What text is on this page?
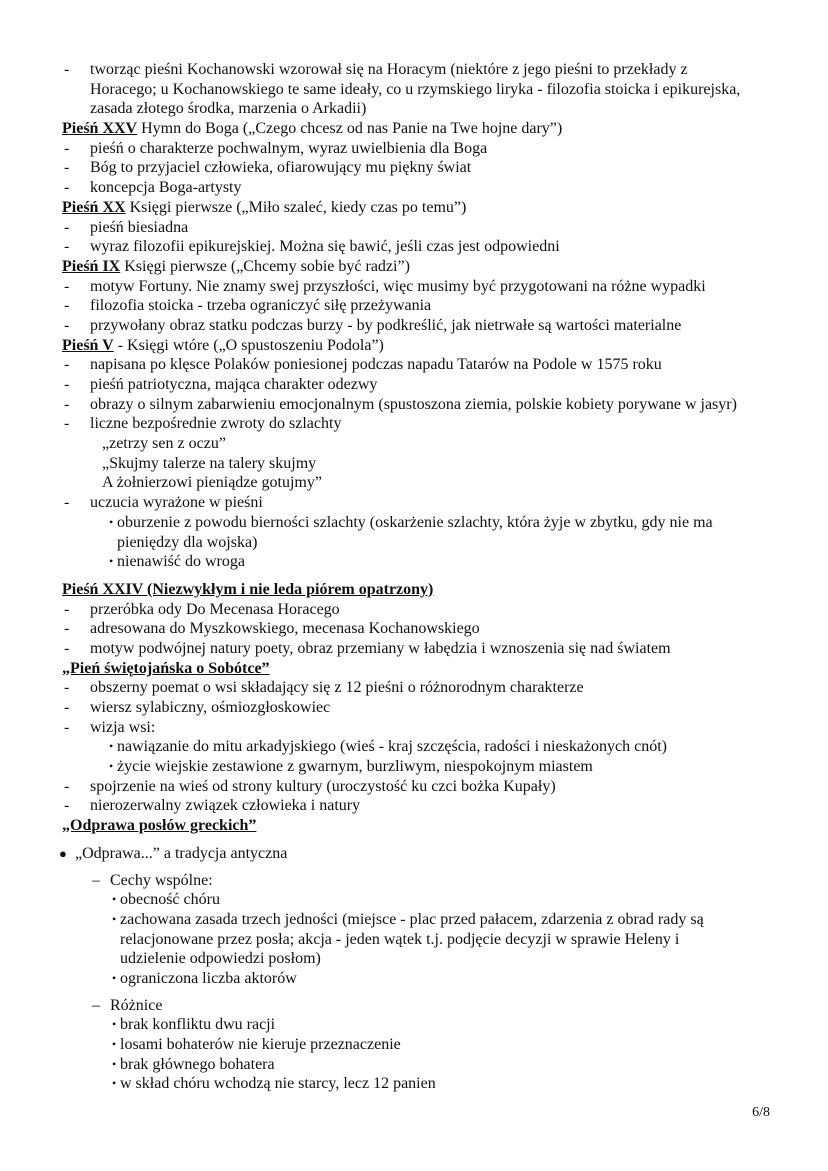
- tworząc pieśni Kochanowski wzorował się na Horacym (niektóre z jego pieśni to przekłady z
Horacego; u Kochanowskiego te same ideały, co u rzymskiego liryka - filozofia stoicka i epikurejska,
zasada złotego środka, marzenia o Arkadii)
Pieśń XXV Hymn do Boga („Czego chcesz od nas Panie na Twe hojne dary”)
- pieśń o charakterze pochwalnym, wyraz uwielbienia dla Boga
- Bóg to przyjaciel człowieka, ofiarowujący mu piękny świat
- koncepcja Boga-artysty
Pieśń XX Księgi pierwsze („Miło szaleć, kiedy czas po temu”)
- pieśń biesiadna
- wyraz filozofii epikurejskiej. Można się bawić, jeśli czas jest odpowiedni
Pieśń IX Księgi pierwsze („Chcemy sobie być radzi”)
- motyw Fortuny. Nie znamy swej przyszłości, więc musimy być przygotowani na różne wypadki
- filozofia stoicka - trzeba ograniczyć siłę przeżywania
- przywołany obraz statku podczas burzy - by podkreślić, jak nietrwałe są wartości materialne
Pieśń V - Księgi wtóre („O spustoszeniu Podola”)
- napisana po klęsce Polaków poniesionej podczas napadu Tatarów na Podole w 1575 roku
- pieśń patriotyczna, mająca charakter odezwy
- obrazy o silnym zabarwieniu emocjonalnym (spustoszona ziemia, polskie kobiety porywane w jasyr)
- liczne bezpośrednie zwroty do szlachty
„zetrzy sen z oczu”
„Skujmy talerze na talery skujmy
A żołnierzowi pieniądze gotujmy”
- uczucia wyrażone w pieśni
• oburzenie z powodu bierności szlachty (oskarżenie szlachty, która żyje w zbytku, gdy nie ma
pieniędzy dla wojska)
• nienawiść do wroga
Pieśń XXIV (Niezwykłym i nie leda piórem opatrzony)
- przeróbka ody Do Mecenasa Horacego
- adresowana do Myszkowskiego, mecenasa Kochanowskiego
- motyw podwójnej natury poety, obraz przemiany w łabędzia i wznoszenia się nad światem
„Pień świętojańska o Sobótce”
- obszerny poemat o wsi składający się z 12 pieśni o różnorodnym charakterze
- wiersz sylabiczny, ośmiozgłoskowiec
- wizja wsi:
• nawiązanie do mitu arkadyjskiego (wieś - kraj szczęścia, radości i nieskażonych cnót)
• życie wiejskie zestawione z gwarnym, burzliwym, niespokojnym miastem
- spojrzenie na wieś od strony kultury (uroczystość ku czci bożka Kupały)
- nierozerwalny związek człowieka i natury
„Odprawa posłów greckich”
● „Odprawa...” a tradycja antyczna
– Cechy wspólne:
• obecność chóru
• zachowana zasada trzech jedności (miejsce - plac przed pałacem, zdarzenia z obrad rady są
relacjonowane przez posła; akcja - jeden wątek t.j. podjęcie decyzji w sprawie Heleny i
udzielenie odpowiedzi posłom)
• ograniczona liczba aktorów
– Różnice
• brak konfliktu dwu racji
• losami bohaterów nie kieruje przeznaczenie
• brak głównego bohatera
• w skład chóru wchodzą nie starcy, lecz 12 panien
6/8
